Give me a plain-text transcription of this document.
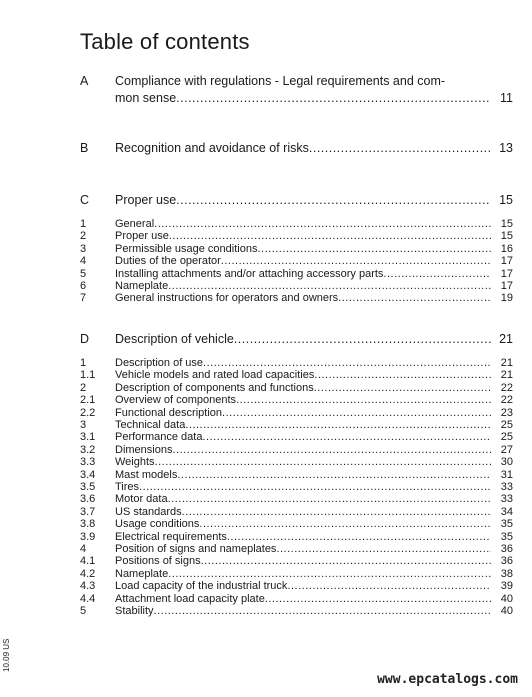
Table of contents
A Compliance with regulations - Legal requirements and com-
mon sense .....	11
B Recognition and avoidance of risks .....	13
C Proper use .....	15
1	General .....	15
2	Proper use .....	15
3	Permissible usage conditions .....	16
4	Duties of the operator .....	17
5	Installing attachments and/or attaching accessory parts .....	17
6	Nameplate .....	17
7	General instructions for operators and owners .....	19
D Description of vehicle .....	21
1	Description of use .....	21
1.1 Vehicle models and rated load capacities .....	21
2	Description of components and functions .....	22
2.1 Overview of components .....	22
2.2 Functional description .....	23
3	Technical data .....	25
3.1 Performance data .....	25
3.2 Dimensions .....	27
3.3 Weights .....	30
3.4 Mast models .....	31
3.5 Tires .....	33
3.6 Motor data .....	33
3.7 US standards .....	34
3.8 Usage conditions .....	35
3.9 Electrical requirements .....	35
4	Position of signs and nameplates .....	36
4.1 Positions of signs .....	36
4.2 Nameplate .....	38
4.3 Load capacity of the industrial truck .....	39
4.4 Attachment load capacity plate .....	40
5	Stability .....	40
10.09 US
www.epcatalogs.com
